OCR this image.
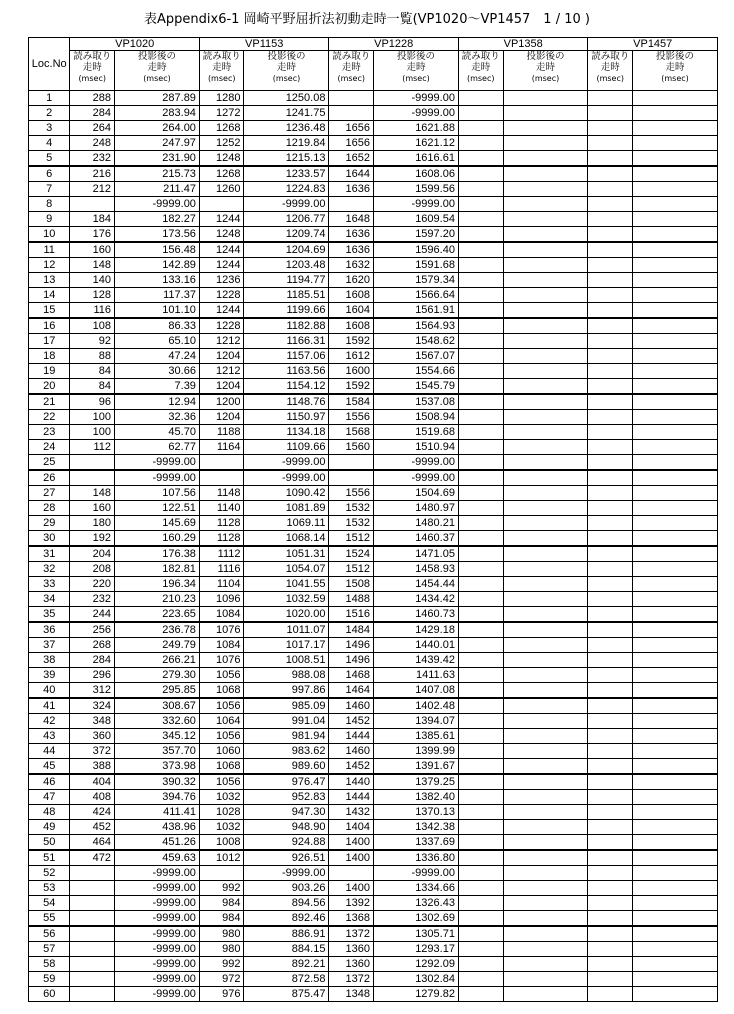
表Appendix6-1 岡崎平野屈折法初動走時一覧(VP1020～VP1457　1 / 10 )
Loc.No	VP1020		VP1153		VP1228		VP1358		VP1457	
	読み取り
走時
(msec)	投影後の
走時
(msec)	読み取り
走時
(msec)	投影後の
走時
(msec)	読み取り
走時
(msec)	投影後の
走時
(msec)	読み取り
走時
(msec)	投影後の
走時
(msec)	読み取り
走時
(msec)	投影後の
走時
(msec)
1	288	287.89	1280	1250.08		-9999.00				
2	284	283.94	1272	1241.75		-9999.00				
3	264	264.00	1268	1236.48	1656	1621.88				
4	248	247.97	1252	1219.84	1656	1621.12				
5	232	231.90	1248	1215.13	1652	1616.61				
6	216	215.73	1268	1233.57	1644	1608.06				
7	212	211.47	1260	1224.83	1636	1599.56				
8		-9999.00		-9999.00		-9999.00				
9	184	182.27	1244	1206.77	1648	1609.54				
10	176	173.56	1248	1209.74	1636	1597.20				
11	160	156.48	1244	1204.69	1636	1596.40				
12	148	142.89	1244	1203.48	1632	1591.68				
13	140	133.16	1236	1194.77	1620	1579.34				
14	128	117.37	1228	1185.51	1608	1566.64				
15	116	101.10	1244	1199.66	1604	1561.91				
16	108	86.33	1228	1182.88	1608	1564.93				
17	92	65.10	1212	1166.31	1592	1548.62				
18	88	47.24	1204	1157.06	1612	1567.07				
19	84	30.66	1212	1163.56	1600	1554.66				
20	84	7.39	1204	1154.12	1592	1545.79				
21	96	12.94	1200	1148.76	1584	1537.08				
22	100	32.36	1204	1150.97	1556	1508.94				
23	100	45.70	1188	1134.18	1568	1519.68				
24	112	62.77	1164	1109.66	1560	1510.94				
25		-9999.00		-9999.00		-9999.00				
26		-9999.00		-9999.00		-9999.00				
27	148	107.56	1148	1090.42	1556	1504.69				
28	160	122.51	1140	1081.89	1532	1480.97				
29	180	145.69	1128	1069.11	1532	1480.21				
30	192	160.29	1128	1068.14	1512	1460.37				
31	204	176.38	1112	1051.31	1524	1471.05				
32	208	182.81	1116	1054.07	1512	1458.93				
33	220	196.34	1104	1041.55	1508	1454.44				
34	232	210.23	1096	1032.59	1488	1434.42				
35	244	223.65	1084	1020.00	1516	1460.73				
36	256	236.78	1076	1011.07	1484	1429.18				
37	268	249.79	1084	1017.17	1496	1440.01				
38	284	266.21	1076	1008.51	1496	1439.42				
39	296	279.30	1056	988.08	1468	1411.63				
40	312	295.85	1068	997.86	1464	1407.08				
41	324	308.67	1056	985.09	1460	1402.48				
42	348	332.60	1064	991.04	1452	1394.07				
43	360	345.12	1056	981.94	1444	1385.61				
44	372	357.70	1060	983.62	1460	1399.99				
45	388	373.98	1068	989.60	1452	1391.67				
46	404	390.32	1056	976.47	1440	1379.25				
47	408	394.76	1032	952.83	1444	1382.40				
48	424	411.41	1028	947.30	1432	1370.13				
49	452	438.96	1032	948.90	1404	1342.38				
50	464	451.26	1008	924.88	1400	1337.69				
51	472	459.63	1012	926.51	1400	1336.80				
52		-9999.00		-9999.00		-9999.00				
53		-9999.00	992	903.26	1400	1334.66				
54		-9999.00	984	894.56	1392	1326.43				
55		-9999.00	984	892.46	1368	1302.69				
56		-9999.00	980	886.91	1372	1305.71				
57		-9999.00	980	884.15	1360	1293.17				
58		-9999.00	992	892.21	1360	1292.09				
59		-9999.00	972	872.58	1372	1302.84				
60		-9999.00	976	875.47	1348	1279.82				
